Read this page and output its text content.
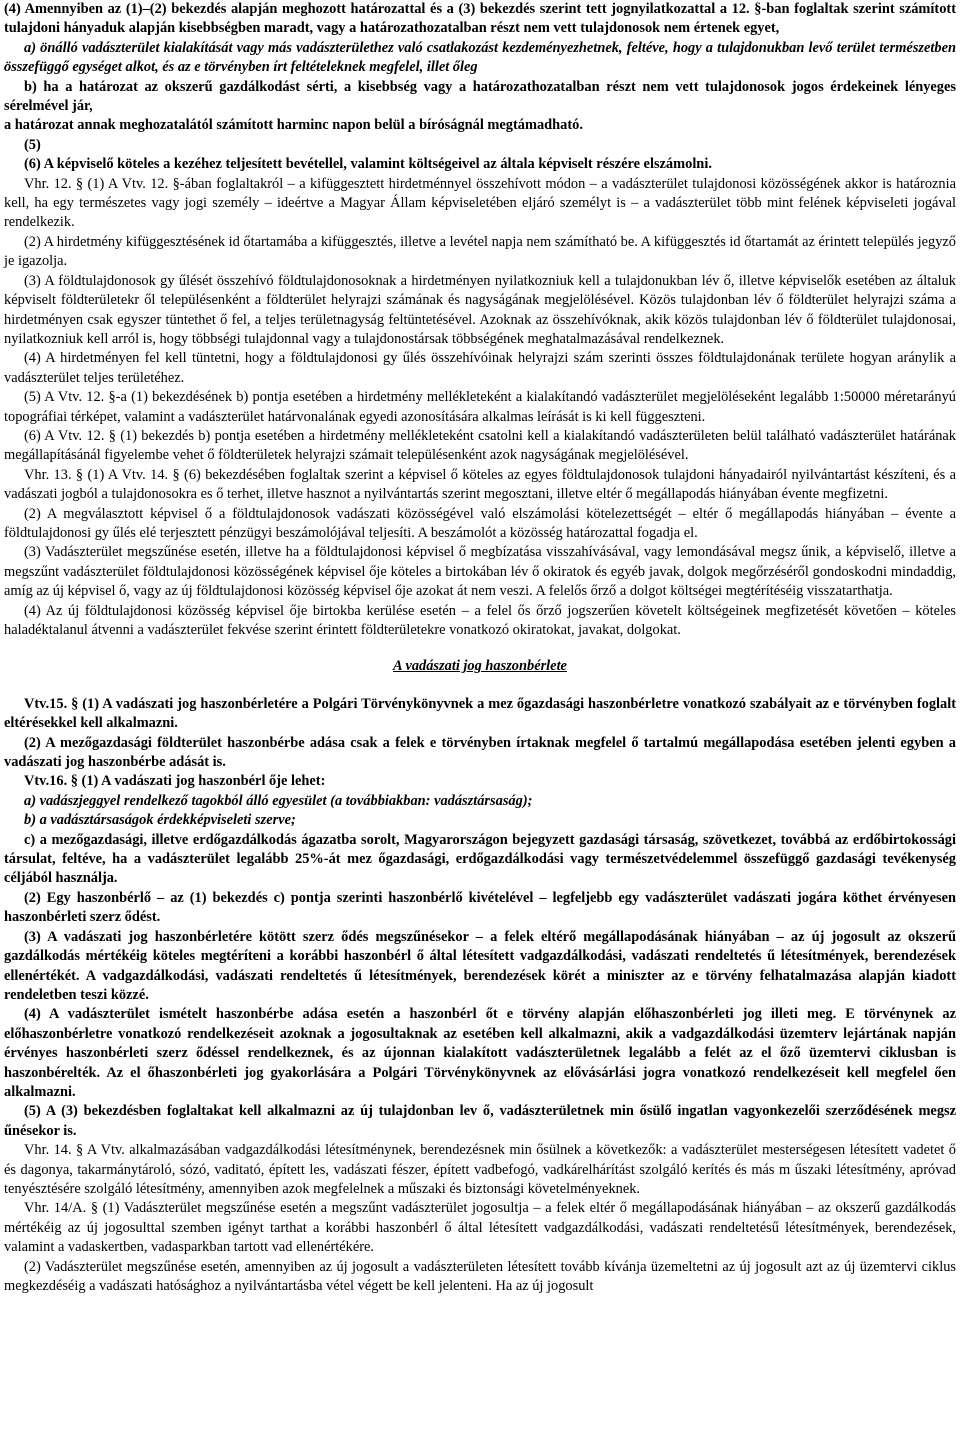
(4) Amennyiben az (1)–(2) bekezdés alapján meghozott határozattal és a (3) bekezdés szerint tett jognyilatkozattal a 12. §-ban foglaltak szerint számított tulajdoni hányaduk alapján kisebbségben maradt, vagy a határozathozatalban részt nem vett tulajdonosok nem értenek egyet,

a) önálló vadászterület kialakítását vagy más vadászterülethez való csatlakozást kezdeményezhetnek, feltéve, hogy a tulajdonukban levő terület természetben összefüggő egységet alkot, és az e törvényben írt feltételeknek megfelel, illet őleg

b) ha a határozat az okszerű gazdálkodást sérti, a kisebbség vagy a határozathozatalban részt nem vett tulajdonosok jogos érdekeinek lényeges sérelmével jár,

a határozat annak meghozatalától számított harminc napon belül a bíróságnál megtámadható.

(5)

(6) A képviselő köteles a kezéhez teljesített bevétellel, valamint költségeivel az általa képviselt részére elszámolni.

Vhr. 12. § (1) A Vtv. 12. §-ában foglaltakról – a kifüggesztett hirdetménnyel összehívott módon – a vadászterület tulajdonosi közösségének akkor is határoznia kell, ha egy természetes vagy jogi személy – ideértve a Magyar Állam képviseletében eljáró személyt is – a vadászterület több mint felének képviseleti jogával rendelkezik.

(2) A hirdetmény kifüggesztésének id őtartamába a kifüggesztés, illetve a levétel napja nem számítható be. A kifüggesztés id őtartamát az érintett település jegyző je igazolja.

(3) A földtulajdonosok gy űlését összehívó földtulajdonosoknak a hirdetményen nyilatkozniuk kell a tulajdonukban lév ő, illetve képviselők esetében az általuk képviselt földterületekr ől településenként a földterület helyrajzi számának és nagyságának megjelölésével. Közös tulajdonban lév ő földterület helyrajzi száma a hirdetményen csak egyszer tüntethet ő fel, a teljes területnagyság feltüntetésével. Azoknak az összehívóknak, akik közös tulajdonban lév ő földterület tulajdonosai, nyilatkozniuk kell arról is, hogy többségi tulajdonnal vagy a tulajdonostársak többségének meghatalmazásával rendelkeznek.

(4) A hirdetményen fel kell tüntetni, hogy a földtulajdonosi gy űlés összehívóinak helyrajzi szám szerinti összes földtulajdonának területe hogyan aránylik a vadászterület teljes területéhez.

(5) A Vtv. 12. §-a (1) bekezdésének b) pontja esetében a hirdetmény mellékleteként a kialakítandó vadászterület megjelöléseként legalább 1:50000 méretarányú topográfiai térképet, valamint a vadászterület határvonalának egyedi azonosítására alkalmas leírását is ki kell függeszteni.

(6) A Vtv. 12. § (1) bekezdés b) pontja esetében a hirdetmény mellékleteként csatolni kell a kialakítandó vadászterületen belül található vadászterület határának megállapításánál figyelembe vehet ő földterületek helyrajzi számait településenként azok nagyságának megjelölésével.

Vhr. 13. § (1) A Vtv. 14. § (6) bekezdésében foglaltak szerint a képvisel ő köteles az egyes földtulajdonosok tulajdoni hányadairól nyilvántartást készíteni, és a vadászati jogból a tulajdonosokra es ő terhet, illetve hasznot a nyilvántartás szerint megosztani, illetve eltér ő megállapodás hiányában évente megfizetni.

(2) A megválasztott képvisel ő a földtulajdonosok vadászati közösségével való elszámolási kötelezettségét – eltér ő megállapodás hiányában – évente a földtulajdonosi gy űlés elé terjesztett pénzügyi beszámolójával teljesíti. A beszámolót a közösség határozattal fogadja el.

(3) Vadászterület megszűnése esetén, illetve ha a földtulajdonosi képvisel ő megbízatása visszahívásával, vagy lemondásával megsz űnik, a képviselő, illetve a megszűnt vadászterület földtulajdonosi közösségének képvisel ője köteles a birtokában lév ő okiratok és egyéb javak, dolgok megőrzéséről gondoskodni mindaddig, amíg az új képvisel ő, vagy az új földtulajdonosi közösség képvisel ője azokat át nem veszi. A felelős őrző a dolgot költségei megtérítéséig visszatarthatja.

(4) Az új földtulajdonosi közösség képvisel ője birtokba kerülése esetén – a felel ős őrző jogszerűen követelt költségeinek megfizetését követően – köteles haladéktalanul átvenni a vadászterület fekvése szerint érintett földterületekre vonatkozó okiratokat, javakat, dolgokat.

A vadászati jog haszonbérlete

Vtv.15. § (1) A vadászati jog haszonbérletére a Polgári Törvénykönyvnek a mez őgazdasági haszonbérletre vonatkozó szabályait az e törvényben foglalt eltérésekkel kell alkalmazni.

(2) A mezőgazdasági földterület haszonbérbe adása csak a felek e törvényben írtaknak megfelel ő tartalmú megállapodása esetében jelenti egyben a vadászati jog haszonbérbe adását is.

Vtv.16. § (1) A vadászati jog haszonbérl ője lehet:

a) vadászjeggyel rendelkező tagokból álló egyesület (a továbbiakban: vadásztársaság);

b) a vadásztársaságok érdekképviseleti szerve;

c) a mezőgazdasági, illetve erdőgazdálkodás ágazatba sorolt, Magyarországon bejegyzett gazdasági társaság, szövetkezet, továbbá az erdőbirtokossági társulat, feltéve, ha a vadászterület legalább 25%-át mez őgazdasági, erdőgazdálkodási vagy természetvédelemmel összefüggő gazdasági tevékenység céljából használja.

(2) Egy haszonbérlő – az (1) bekezdés c) pontja szerinti haszonbérlő kivételével – legfeljebb egy vadászterület vadászati jogára köthet érvényesen haszonbérleti szerz ődést.

(3) A vadászati jog haszonbérletére kötött szerz ődés megszűnésekor – a felek eltérő megállapodásának hiányában – az új jogosult az okszerű gazdálkodás mértékéig köteles megtéríteni a korábbi haszonbérl ő által létesített vadgazdálkodási, vadászati rendeltetés ű létesítmények, berendezések ellenértékét. A vadgazdálkodási, vadászati rendeltetés ű létesítmények, berendezések körét a miniszter az e törvény felhatalmazása alapján kiadott rendeletben teszi közzé.

(4) A vadászterület ismételt haszonbérbe adása esetén a haszonbérl őt e törvény alapján előhaszonbérleti jog illeti meg. E törvénynek az előhaszonbérletre vonatkozó rendelkezéseit azoknak a jogosultaknak az esetében kell alkalmazni, akik a vadgazdálkodási üzemterv lejártának napján érvényes haszonbérleti szerz ődéssel rendelkeznek, és az újonnan kialakított vadászterületnek legalább a felét az el őző üzemtervi ciklusban is haszonbérelték. Az el őhaszonbérleti jog gyakorlására a Polgári Törvénykönyvnek az elővásárlási jogra vonatkozó rendelkezéseit kell megfelel ően alkalmazni.

(5) A (3) bekezdésben foglaltakat kell alkalmazni az új tulajdonban lev ő, vadászterületnek min ősülő ingatlan vagyonkezelői szerződésének megsz űnésekor is.

Vhr. 14. § A Vtv. alkalmazásában vadgazdálkodási létesítménynek, berendezésnek min ősülnek a következők: a vadászterület mesterségesen létesített vadetet ő és dagonya, takarmánytároló, sózó, vaditató, épített les, vadászati fészer, épített vadbefogó, vadkárelhárítást szolgáló kerítés és más m űszaki létesítmény, apróvad tenyésztésére szolgáló létesítmény, amennyiben azok megfelelnek a műszaki és biztonsági követelményeknek.

Vhr. 14/A. § (1) Vadászterület megszűnése esetén a megszűnt vadászterület jogosultja – a felek eltér ő megállapodásának hiányában – az okszerű gazdálkodás mértékéig az új jogosulttal szemben igényt tarthat a korábbi haszonbérl ő által létesített vadgazdálkodási, vadászati rendeltetésű létesítmények, berendezések, valamint a vadaskertben, vadasparkban tartott vad ellenértékére.

(2) Vadászterület megszűnése esetén, amennyiben az új jogosult a vadászterületen létesített tovább kívánja üzemeltetni az új jogosult azt az új üzemtervi ciklus megkezdéséig a vadászati hatósághoz a nyilvántartásba vétel végett be kell jelenteni. Ha az új jogosult
